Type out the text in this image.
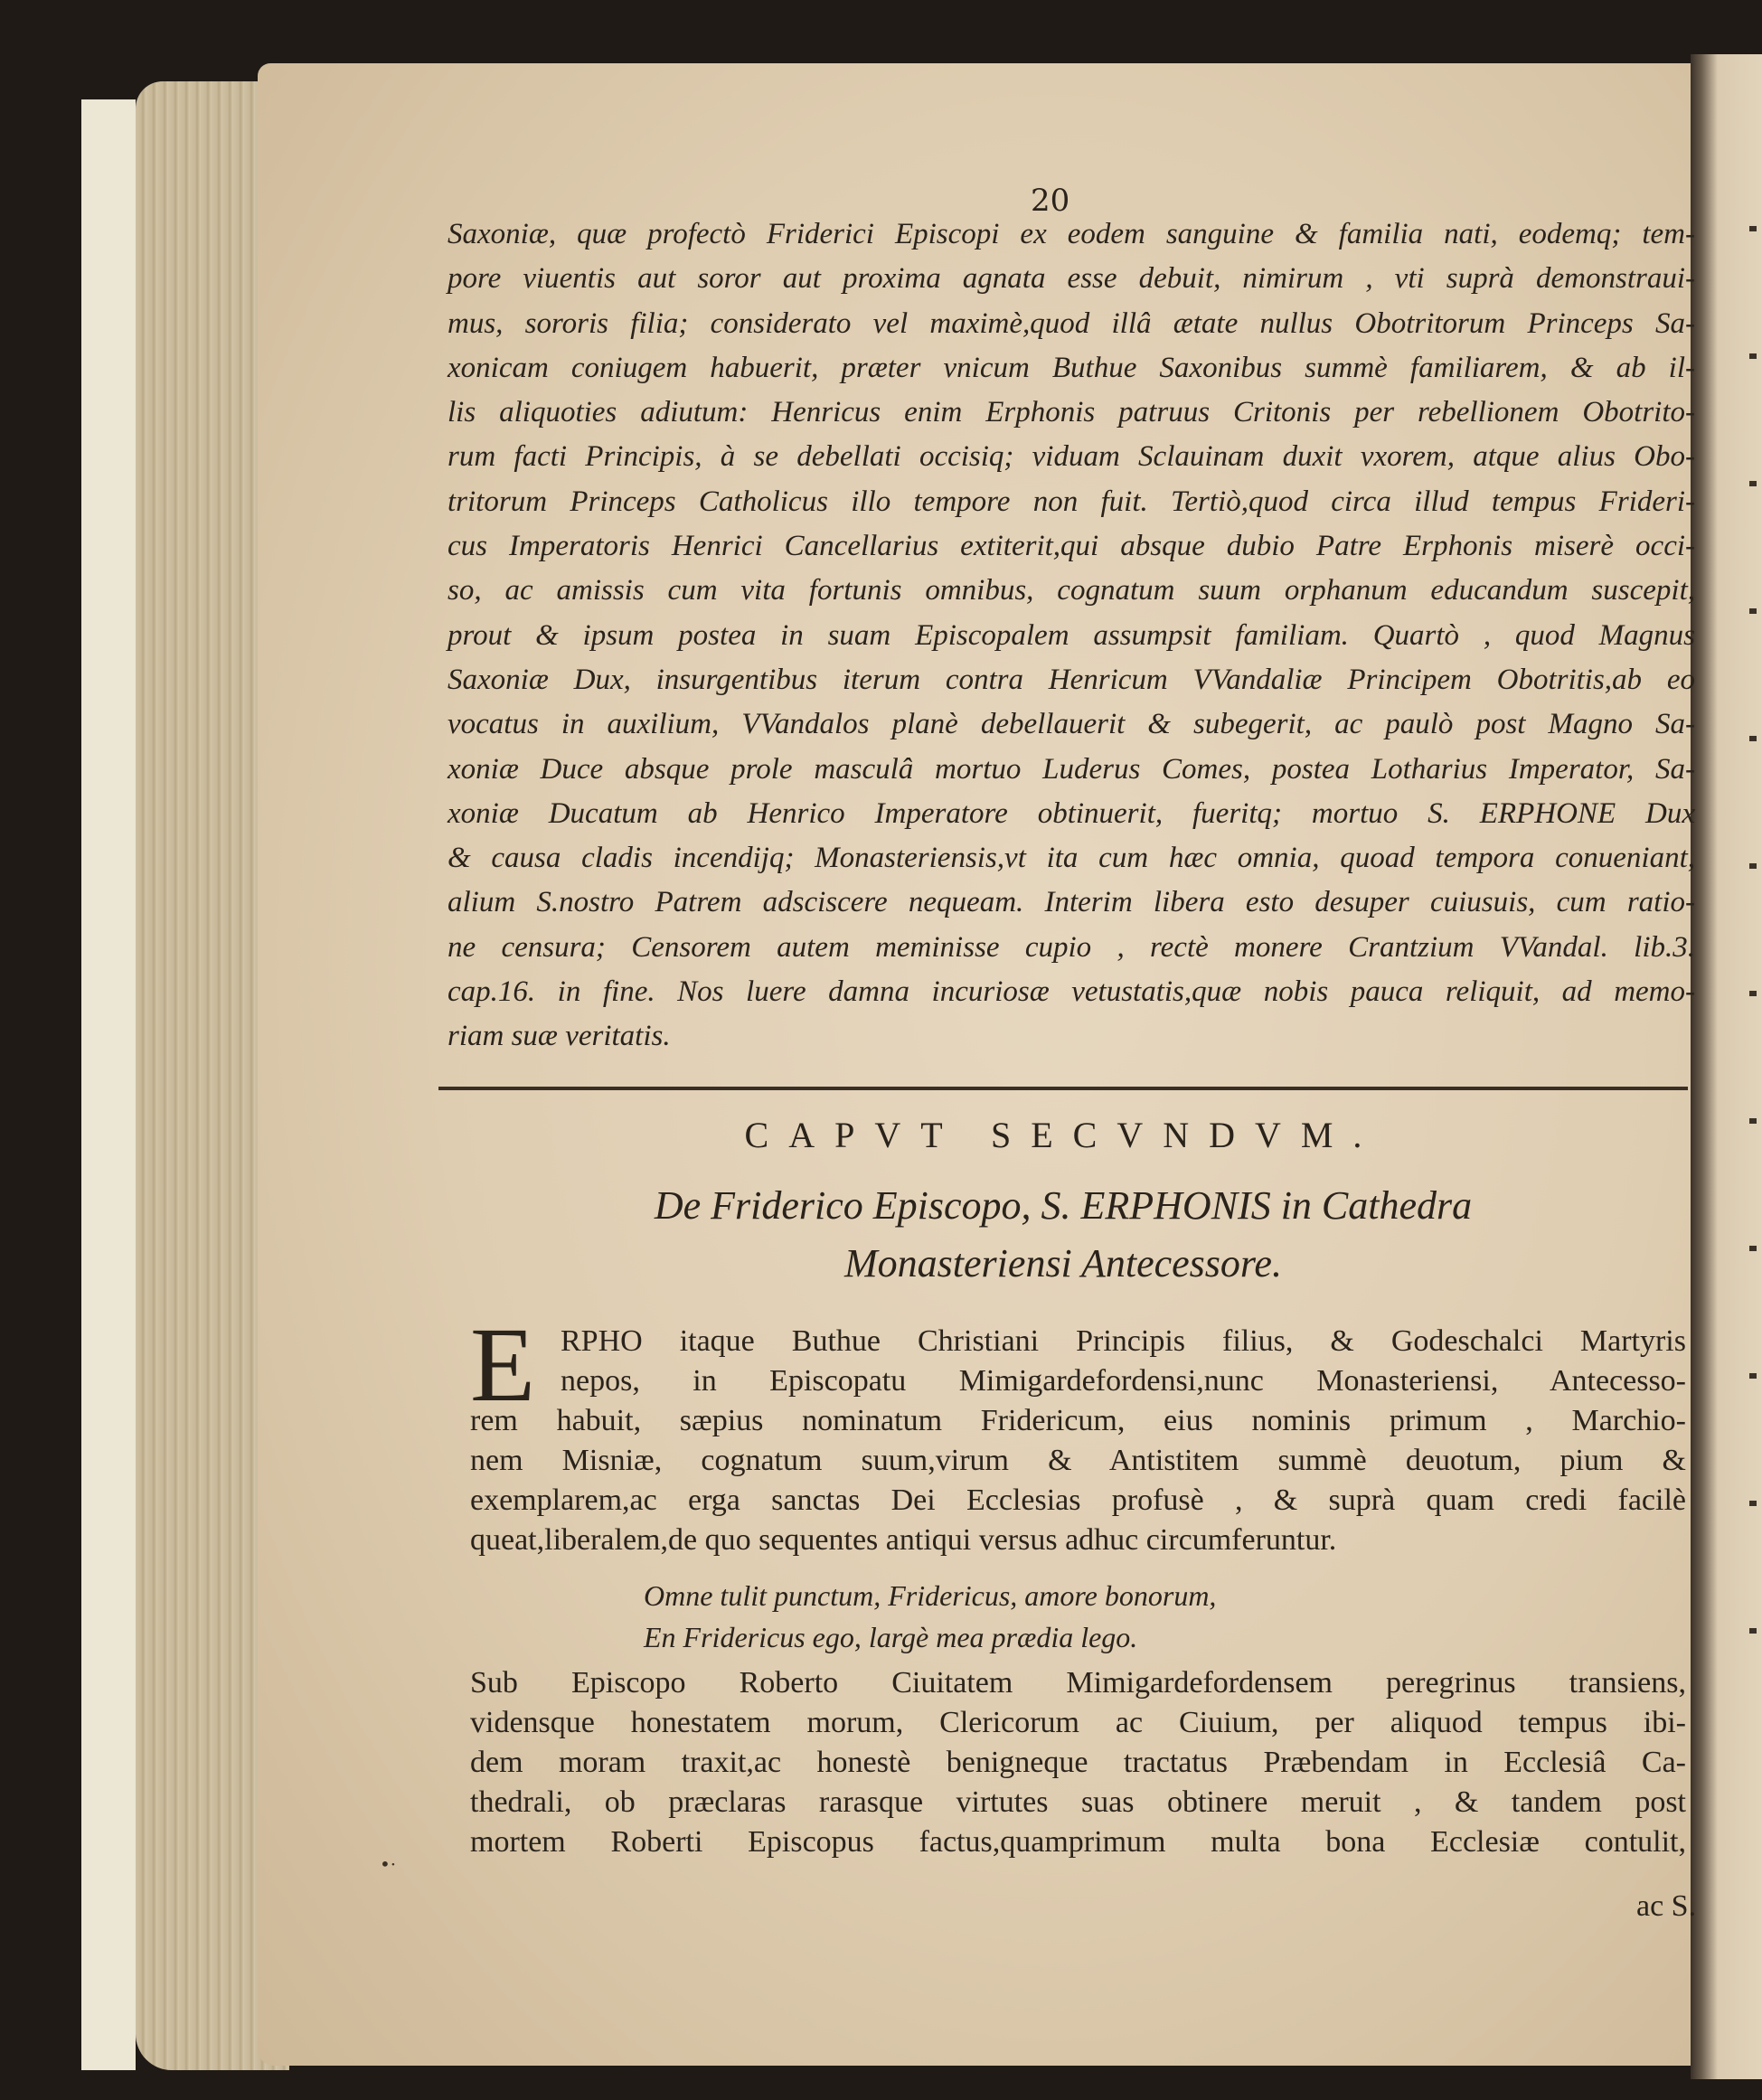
20
Saxoniæ, quæ profectò Friderici Episcopi ex eodem sanguine & familia nati, eodemq; tem-
pore viuentis aut soror aut proxima agnata esse debuit, nimirum , vti suprà demonstraui-
mus, sororis filia; considerato vel maximè,quod illâ ætate nullus Obotritorum Princeps Sa-
xonicam coniugem habuerit, præter vnicum Buthue Saxonibus summè familiarem, & ab il-
lis aliquoties adiutum: Henricus enim Erphonis patruus Critonis per rebellionem Obotrito-
rum facti Principis, à se debellati occisiq; viduam Sclauinam duxit vxorem, atque alius Obo-
tritorum Princeps Catholicus illo tempore non fuit. Tertiò,quod circa illud tempus Frideri-
cus Imperatoris Henrici Cancellarius extiterit,qui absque dubio Patre Erphonis miserè occi-
so, ac amissis cum vita fortunis omnibus, cognatum suum orphanum educandum suscepit,
prout & ipsum postea in suam Episcopalem assumpsit familiam. Quartò , quod Magnus
Saxoniæ Dux, insurgentibus iterum contra Henricum VVandaliæ Principem Obotritis,ab eo
vocatus in auxilium, VVandalos planè debellauerit & subegerit, ac paulò post Magno Sa-
xoniæ Duce absque prole masculâ mortuo Luderus Comes, postea Lotharius Imperator, Sa-
xoniæ Ducatum ab Henrico Imperatore obtinuerit, fueritq; mortuo S. ERPHONE Dux
& causa cladis incendijq; Monasteriensis,vt ita cum hæc omnia, quoad tempora conueniant,
alium S.nostro Patrem adsciscere nequeam. Interim libera esto desuper cuiusuis, cum ratio-
ne censura; Censorem autem meminisse cupio , rectè monere Crantzium VVandal. lib.3.
cap.16. in fine. Nos luere damna incuriosæ vetustatis,quæ nobis pauca reliquit, ad memo-
riam suæ veritatis.
CAPVT SECVNDVM.
De Friderico Episcopo, S. ERPHONIS in Cathedra
Monasteriensi Antecessore.
E RPHO itaque Buthue Christiani Principis filius, & Godeschalci Martyris
nepos, in Episcopatu Mimigardefordensi,nunc Monasteriensi, Antecesso-
rem habuit, sæpius nominatum Fridericum, eius nominis primum , Marchio-
nem Misniæ, cognatum suum,virum & Antistitem summè deuotum, pium &
exemplarem,ac erga sanctas Dei Ecclesias profusè , & suprà quam credi facilè
queat,liberalem,de quo sequentes antiqui versus adhuc circumferuntur.
Omne tulit punctum, Fridericus, amore bonorum,
En Fridericus ego, largè mea prædia lego.
Sub Episcopo Roberto Ciuitatem Mimigardefordensem peregrinus transiens,
vidensque honestatem morum, Clericorum ac Ciuium, per aliquod tempus ibi-
dem moram traxit,ac honestè benigneque tractatus Præbendam in Ecclesiâ Ca-
thedrali, ob præclaras rarasque virtutes suas obtinere meruit , & tandem post
mortem Roberti Episcopus factus,quamprimum multa bona Ecclesiæ contulit,
•·
ac S.
